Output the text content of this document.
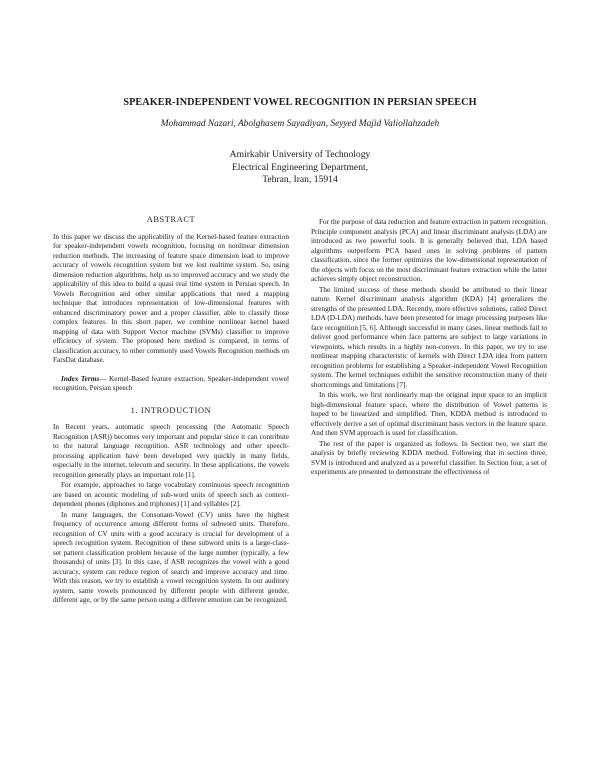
SPEAKER-INDEPENDENT VOWEL RECOGNITION IN PERSIAN SPEECH
Mohammad Nazari, Abolghasem Sayadiyan, Seyyed Majid Valiollahzadeh
Amirkabir University of Technology
Electrical Engineering Department,
Tehran, Iran, 15914
ABSTRACT

In this paper we discuss the applicability of the Kernel-based feature extraction for speaker-independent vowels recognition, focusing on nonlinear dimension reduction methods. The increasing of feature space dimension lead to improve accuracy of vowels recognition system but we lost realtime system. So, using dimension reduction algorithms, help us to improved accuracy and we study the applicability of this idea to build a quasi real time system in Persian speech. In Vowels Recognition and other similar applications that need a mapping technique that introduces representation of low-dimensional features with enhanced discriminatory power and a proper classifier, able to classify those complex features. In this short paper, we combine nonlinear kernel based mapping of data with Support Vector machine (SVMs) classifier to improve efficiency of system. The proposed here method is compared, in terms of classification accuracy, to other commonly used Vowels Recognition methods on FarsDat database.

Index Terms— Kernel-Based feature extraction, Speaker-independent vowel recognition, Persian speech

1. INTRODUCTION

In Recent years, automatic speech processing (the Automatic Speech Recognition (ASR)) becomes very important and popular since it can contribute to the natural language recognition. ASR technology and other speech-processing application have been developed very quickly in many fields, especially in the internet, telecom and security. In these applications, the vowels recognition generally plays an important role [1].

For example, approaches to large vocabulary continuous speech recognition are based on acoustic modeling of sub-word units of speech such as context-dependent phones (diphones and triphones) [1] and syllables [2].

In many languages, the Consonant-Vowel (CV) units have the highest frequency of occurrence among different forms of subword units. Therefore, recognition of CV units with a good accuracy is crucial for development of a speech recognition system. Recognition of these subword units is a large-class-set pattern classification problem because of the large number (typically, a few thousands) of units [3]. In this case, if ASR recognizes the vowel with a good accuracy, system can reduce region of search and improve accuracy and time. With this reason, we try to establish a vowel recognition system. In our auditory system, same vowels pronounced by different people with different gender, different age, or by the same person using a different emotion can be recognized.

For the purpose of data reduction and feature extraction in pattern recognition, Principle component analysis (PCA) and linear discriminant analysis (LDA) are introduced as two powerful tools. It is generally believed that, LDA based algorithms outperform PCA based ones in solving problems of pattern classification, since the former optimizes the low-dimensional representation of the objects with focus on the most discriminant feature extraction while the latter achieves simply object reconstruction.

The limited success of these methods should be attributed to their linear nature. Kernel discriminant analysis algorithm (KDA) [4] generalizes the strengths of the presented LDA. Recently, more effective solutions, called Direct LDA (D-LDA) methods, have been presented for image processing purposes like face recognition [5, 6]. Although successful in many cases, linear methods fail to deliver good performance when face patterns are subject to large variations in viewpoints, which results in a highly non-convex. In this paper, we try to use nonlinear mapping characteristic of kernels with Direct LDA idea from pattern recognition problems for establishing a Speaker-independent Vowel Recognition system. The kernel techniques exhibit the sensitive reconstruction many of their shortcomings and limitations [7].

In this work, we first nonlinearly map the original input space to an implicit high-dimensional feature space, where the distribution of Vowel patterns is hoped to be linearized and simplified. Then, KDDA method is introduced to effectively derive a set of optimal discriminant basis vectors in the feature space. And then SVM approach is used for classification.

The rest of the paper is organized as follows. In Section two, we start the analysis by briefly reviewing KDDA method. Following that in section three, SVM is introduced and analyzed as a powerful classifier. In Section four, a set of experiments are presented to demonstrate the effectiveness of
